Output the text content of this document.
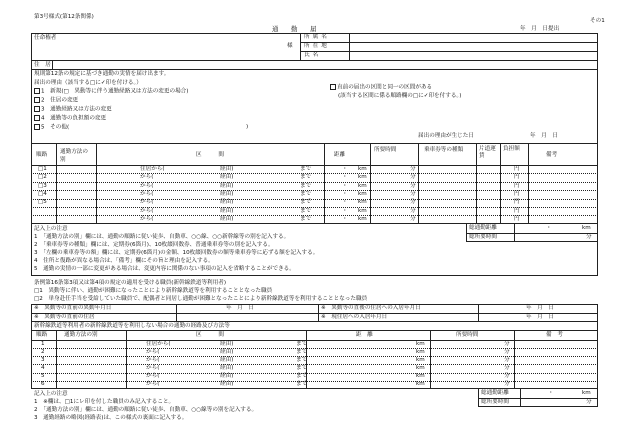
第3号様式(第12条関係)
その1
通　勤　届	年　月　日提出
任命権者
様
所属名
所在地
氏名
住　居
規則第12条の規定に基づき通勤の実情を届け出ます。
届出の理由（該当する□に✓印を付ける。）
1　新規(□　異動等に伴う通勤経路又は方法の変更の場合)
2　住居の変更
3　通勤経路又は方法の変更
4　通勤等の負担額の変更
5　その他(	)
直前の届出の区間と同一の区間がある
(該当する区間に係る順路欄の□に✓印を付する。)
届出の理由が生じた日	年　月　日
順路 通勤方法の別
区　　　間	距離
所要時間	乗車券等の種類	片道運賃
負担額
備考
□1	住居から(	経由)	まで	・ km	分	円
□2	から(	経由)	まで	・ km	分	円
□3	から(	経由)	まで	・ km	分	円
□4	から(	経由)	まで	・ km	分	円
□5	から(	経由)	まで	・ km	分	円
から(	経由)	まで	・ km	分	円
から(	経由)	まで	・ km	分	円
記入上の注意
1　「通勤方法の別」欄には、通勤の順路に従い徒歩、自動車、○○線、○○新幹線等の別を記入する。
2　「乗車券等の種類」欄には、定期券(6箇月)、10枚綴回数券、普通乗車券等の別を記入する。
3　「左欄の乗車券等の額」欄には、定期券(6箇月)の金額、10枚綴回数券の額等乗車券等に応ずる額を記入する。
4　住所と復路が異なる場合は、「備考」欄にその旨と理由を記入する。
5　通勤の実情の一部に変更がある場合は、変更内容に関係のない事項の記入を省略することができる。
総通勤距離	・	km
総所要時間	分
条例第16条第3項又は第4項の規定の適用を受ける職員(新幹線鉄道等利用者)
□1　異動等に伴い、通勤が困難になったことにより新幹線鉄道等を利用することとなった職員
□2　単身赴任手当を受給していた職員で、配偶者と同居し通勤が困難となったことにより新幹線鉄道等を利用することとなった職員
※　異動等の直前の異動年月日	年　月　日	※　異動等の直後の住居への入居年月日	年　月　日
※　異動等の直前の住居	※　現住居への入居年月日	年　月　日
新幹線鉄道等利用者の新幹線鉄道等を利用しない場合の通勤の経路及び方法等
順路	通勤方法の別	区　　　間	距　離	所要時間	備　考
1	住居から(	経由)	まで	km	分
2	から(	経由)	まで	km	分
3	から(	経由)	まで	km	分
4	から(	経由)	まで	km	分
5	から(	経由)	まで	km	分
6	から(	経由)	まで	km	分
記入上の注意
1　※欄は、□1にレ印を付した職員のみ記入すること。
2　「通勤方法の別」欄には、通勤の順路に従い徒歩、自動車、○○線等の別を記入する。
3　通勤経路の略図(経路表)は、この様式の裏面に記入する。
総通勤距離	・	km
総所要時間	分
